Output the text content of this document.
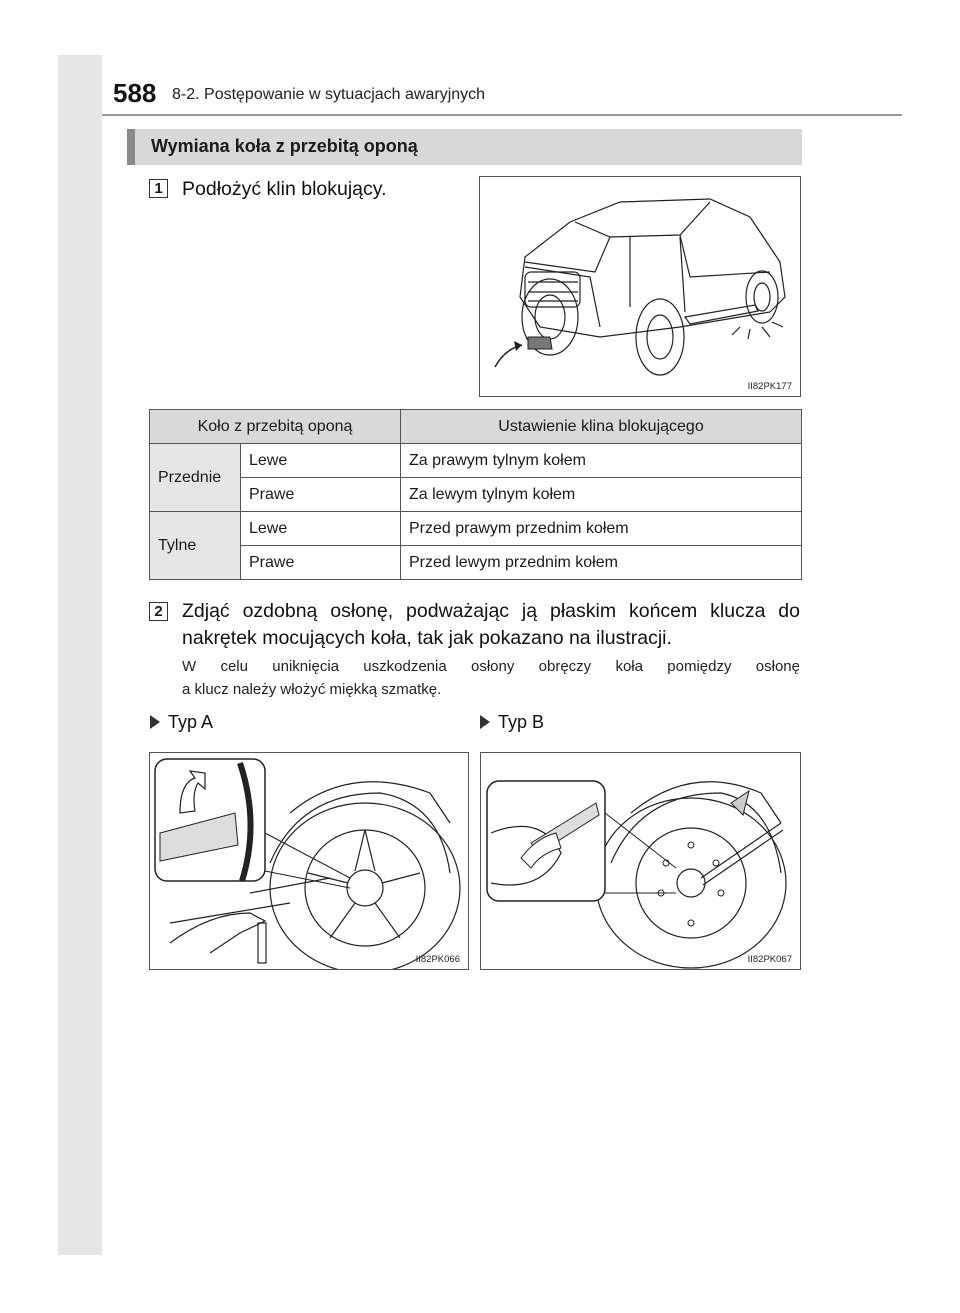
588 8-2. Postępowanie w sytuacjach awaryjnych
Wymiana koła z przebitą oponą
1 Podłożyć klin blokujący.
II82PK177
Koło z przebitą oponą		Ustawienie klina blokującego
Przednie	Lewe	Za prawym tylnym kołem
	Prawe	Za lewym tylnym kołem
Tylne	Lewe	Przed prawym przednim kołem
	Prawe	Przed lewym przednim kołem
2 Zdjąć ozdobną osłonę, podważając ją płaskim końcem klucza do
nakrętek mocujących koła, tak jak pokazano na ilustracji.
W celu uniknięcia uszkodzenia osłony obręczy koła pomiędzy osłonę
a klucz należy włożyć miękką szmatkę.
Typ A	Typ B
II82PK066	II82PK067
